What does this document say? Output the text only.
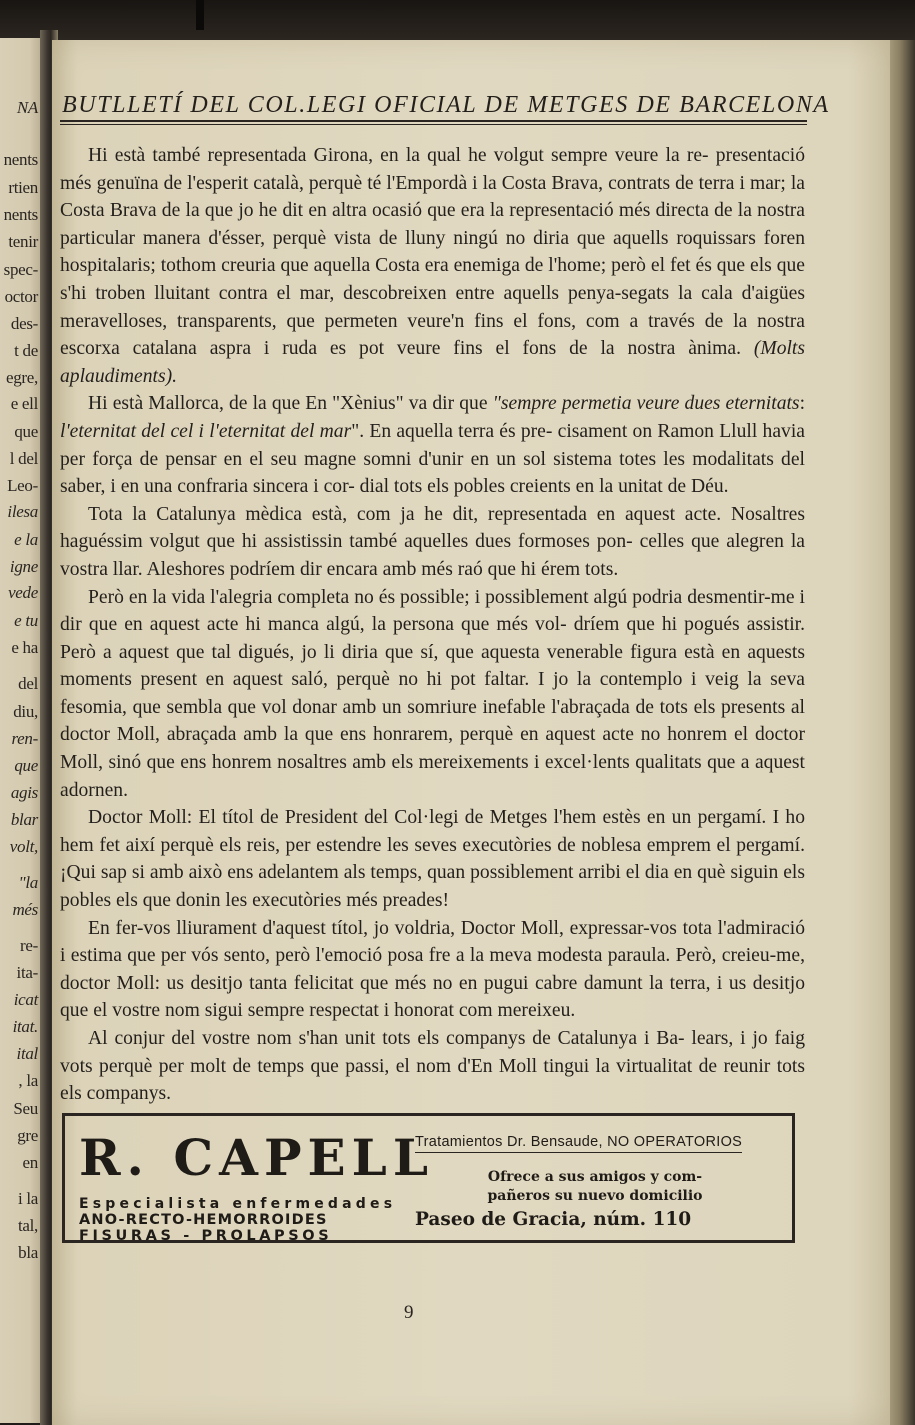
NA
nents
rtien
nents
tenir
spec-
octor
des-
t de
egre,
e ell
que
l del
Leo-
ilesa
e la
igne
vede
e tu
e ha
del
diu,
ren-
que
agis
blar
volt,
"la
més
re-
ita-
icat
itat.
ital
, la
Seu
gre
en
i la
tal,
bla
BUTLLETÍ DEL COL.LEGI OFICIAL DE METGES DE BARCELONA

Hi està també representada Girona, en la qual he volgut sempre veure la re- presentació més genuïna de l'esperit català, perquè té l'Empordà i la Costa Brava, contrats de terra i mar; la Costa Brava de la que jo he dit en altra ocasió que era la representació més directa de la nostra particular manera d'ésser, perquè vista de lluny ningú no diria que aquells roquissars foren hospitalaris; tothom creuria que aquella Costa era enemiga de l'home; però el fet és que els que s'hi troben lluitant contra el mar, descobreixen entre aquells penya-segats la cala d'aigües meravelloses, transparents, que permeten veure'n fins el fons, com a través de la nostra escorxa catalana aspra i ruda es pot veure fins el fons de la nostra ànima. (Molts aplaudiments).

Hi està Mallorca, de la que En "Xènius" va dir que "sempre permetia veure dues eternitats: l'eternitat del cel i l'eternitat del mar". En aquella terra és pre- cisament on Ramon Llull havia per força de pensar en el seu magne somni d'unir en un sol sistema totes les modalitats del saber, i en una confraria sincera i cor- dial tots els pobles creients en la unitat de Déu.

Tota la Catalunya mèdica està, com ja he dit, representada en aquest acte. Nosaltres haguéssim volgut que hi assistissin també aquelles dues formoses pon- celles que alegren la vostra llar. Aleshores podríem dir encara amb més raó que hi érem tots.

Però en la vida l'alegria completa no és possible; i possiblement algú podria desmentir-me i dir que en aquest acte hi manca algú, la persona que més vol- dríem que hi pogués assistir. Però a aquest que tal digués, jo li diria que sí, que aquesta venerable figura està en aquests moments present en aquest saló, perquè no hi pot faltar. I jo la contemplo i veig la seva fesomia, que sembla que vol donar amb un somriure inefable l'abraçada de tots els presents al doctor Moll, abraçada amb la que ens honrarem, perquè en aquest acte no honrem el doctor Moll, sinó que ens honrem nosaltres amb els mereixements i excel·lents qualitats que a aquest adornen.

Doctor Moll: El títol de President del Col·legi de Metges l'hem estès en un pergamí. I ho hem fet així perquè els reis, per estendre les seves executòries de noblesa emprem el pergamí. ¡Qui sap si amb això ens adelantem als temps, quan possiblement arribi el dia en què siguin els pobles els que donin les executòries més preades!

En fer-vos lliurament d'aquest títol, jo voldria, Doctor Moll, expressar-vos tota l'admiració i estima que per vós sento, però l'emoció posa fre a la meva modesta paraula. Però, creieu-me, doctor Moll: us desitjo tanta felicitat que més no en pugui cabre damunt la terra, i us desitjo que el vostre nom sigui sempre respectat i honorat com mereixeu.

Al conjur del vostre nom s'han unit tots els companys de Catalunya i Ba- lears, i jo faig vots perquè per molt de temps que passi, el nom d'En Moll tingui la virtualitat de reunir tots els companys.

R. CAPELL
Especialista enfermedades
ANO-RECTO-HEMORROIDES
FISURAS - PROLAPSOS
Tratamientos Dr. Bensaude, NO OPERATORIOS
Ofrece a sus amigos y com-
pañeros su nuevo domicilio
Paseo de Gracia, núm. 110
9
